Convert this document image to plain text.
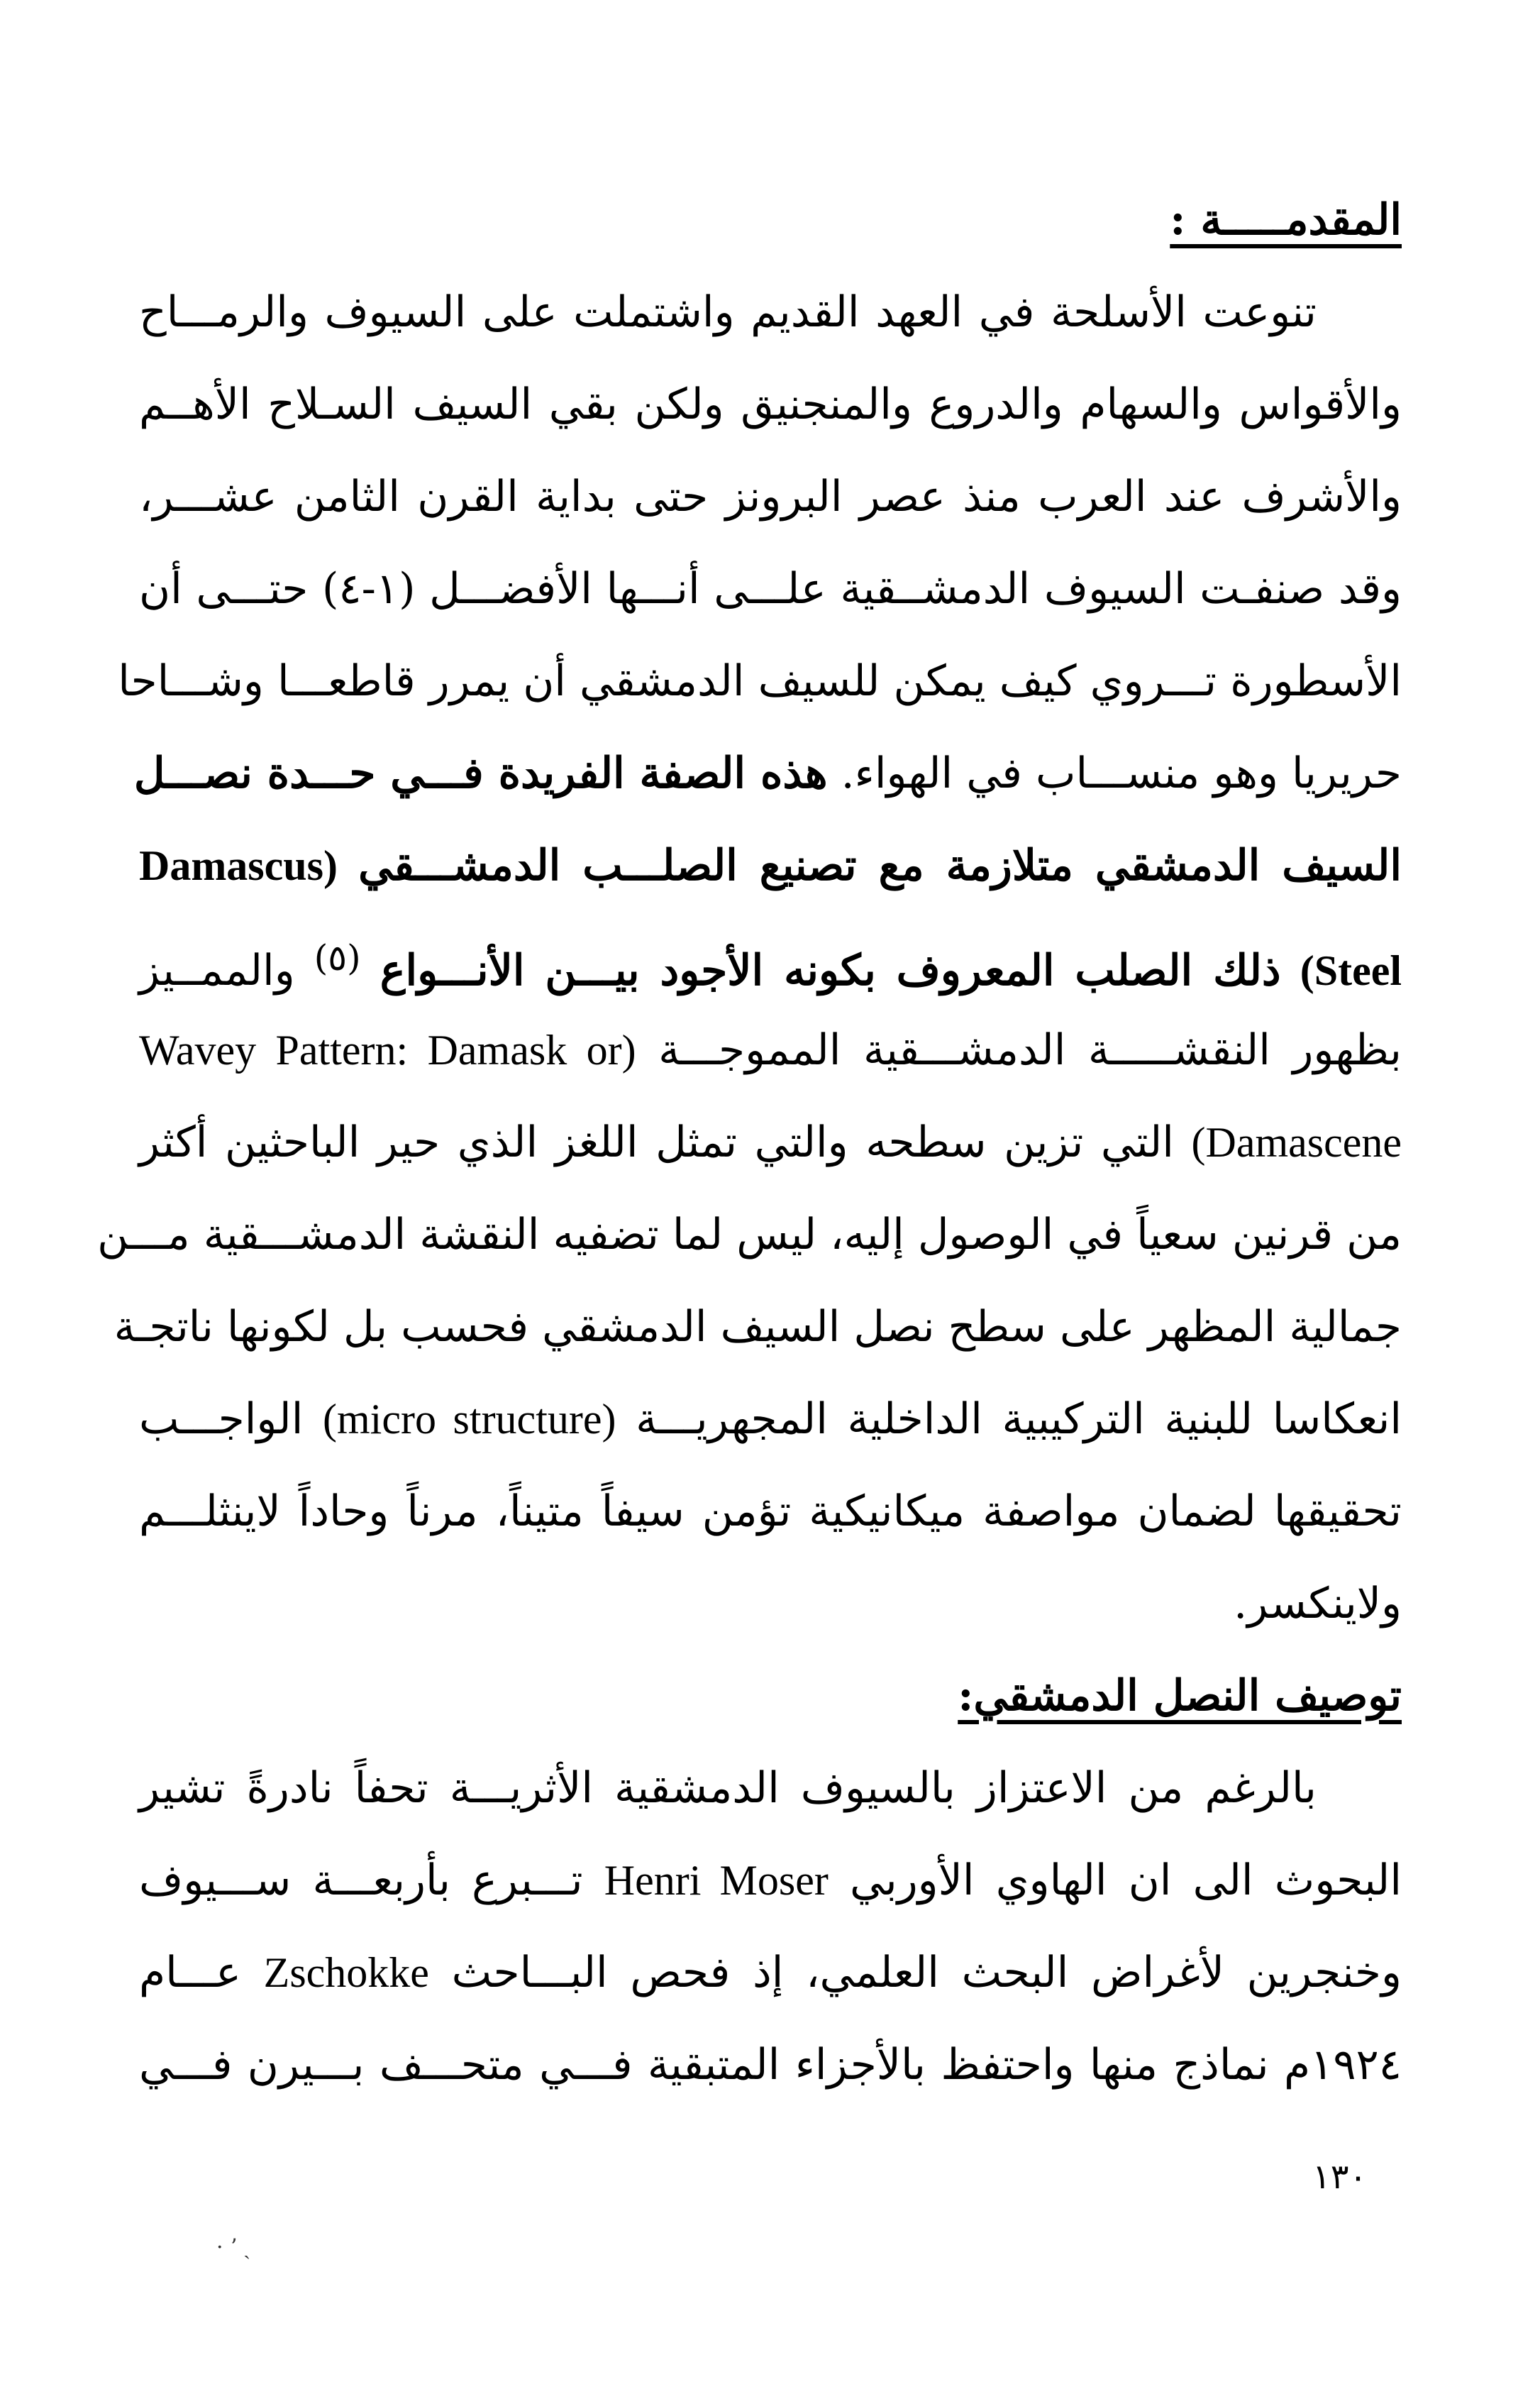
المقدمـــــة :
تنوعت الأسلحة في العهد القديم واشتملت على السيوف والرمـــاح
والأقواس والسهام والدروع والمنجنيق ولكن بقي السيف السـلاح الأهــم
والأشرف عند العرب منذ عصر البرونز حتى بداية القرن الثامن عشـــر،
وقد صنفـت السيوف الدمشــقية علـــى أنـــها الأفضـــل (١-٤) حتـــى أن
الأسطورة تـــروي كيف يمكن للسيف الدمشقي أن يمرر قاطعـــا وشـــاحا
حريريا وهو منســـاب في الهواء. هذه الصفة الفريدة فـــي حـــدة نصـــل
السيف الدمشقي متلازمة مع تصنيع الصلـــب الدمشـــقي (Damascus
Steel) ذلك الصلب المعروف بكونه الأجود بيـــن الأنـــواع $^{(٥)}$ والممــيز
بظهور النقشـــــة الدمشـــقية المموجـــة (Wavey Pattern: Damask or
Damascene) التي تزين سطحه والتي تمثل اللغز الذي حير الباحثين أكثر
من قرنين سعياً في الوصول إليه، ليس لما تضفيه النقشة الدمشـــقية مـــن
جمالية المظهر على سطح نصل السيف الدمشقي فحسب بل لكونها ناتجـة
انعكاسا للبنية التركيبية الداخلية المجهريـــة (micro structure) الواجـــب
تحقيقها لضمان مواصفة ميكانيكية تؤمن سيفاً متيناً، مرناً وحاداً لاينثلـــم
ولاينكسر.
توصيف النصل الدمشقي:
بالرغم من الاعتزاز بالسيوف الدمشقية الأثريـــة تحفاً نادرةً تشير
البحوث الى ان الهاوي الأوربي Henri Moser تـــبرع بأربعـــة ســـيوف
وخنجرين لأغراض البحث العلمي، إذ فحص البـــاحث Zschokke عـــام
١٩٢٤م نماذج منها واحتفظ بالأجزاء المتبقية فـــي متحـــف بـــيرن فـــي
١٣٠
· ʼ ˏ
